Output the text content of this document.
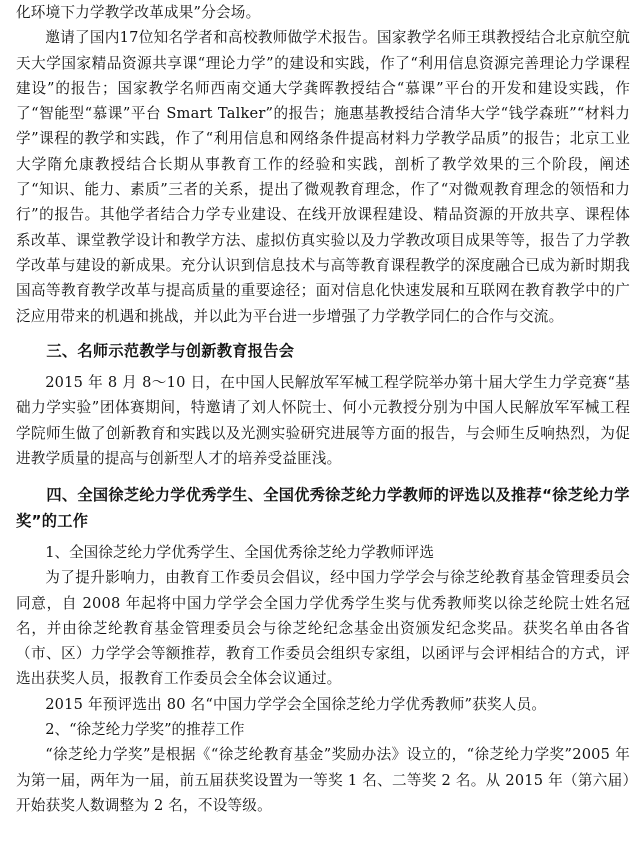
化环境下力学教学改革成果”分会场。

邀请了国内17位知名学者和高校教师做学术报告。国家教学名师王琪教授结合北京航空航天大学国家精品资源共享课“理论力学”的建设和实践，作了“利用信息资源完善理论力学课程建设”的报告；国家教学名师西南交通大学龚晖教授结合“慕课”平台的开发和建设实践，作了“智能型“慕课”平台 Smart Talker”的报告；施惠基教授结合清华大学“钱学森班”“材料力学”课程的教学和实践，作了“利用信息和网络条件提高材料力学教学品质”的报告；北京工业大学隋允康教授结合长期从事教育工作的经验和实践，剖析了教学效果的三个阶段，阐述了“知识、能力、素质”三者的关系，提出了微观教育理念，作了“对微观教育理念的领悟和力行”的报告。其他学者结合力学专业建设、在线开放课程建设、精品资源的开放共享、课程体系改革、课堂教学设计和教学方法、虚拟仿真实验以及力学教改项目成果等等，报告了力学教学改革与建设的新成果。充分认识到信息技术与高等教育课程教学的深度融合已成为新时期我国高等教育教学改革与提高质量的重要途径；面对信息化快速发展和互联网在教育教学中的广泛应用带来的机遇和挑战，并以此为平台进一步增强了力学教学同仁的合作与交流。

三、名师示范教学与创新教育报告会

2015 年 8 月 8～10 日，在中国人民解放军军械工程学院举办第十届大学生力学竞赛“基础力学实验”团体赛期间，特邀请了刘人怀院士、何小元教授分别为中国人民解放军军械工程学院师生做了创新教育和实践以及光测实验研究进展等方面的报告，与会师生反响热烈，为促进教学质量的提高与创新型人才的培养受益匪浅。

四、全国徐芝纶力学优秀学生、全国优秀徐芝纶力学教师的评选以及推荐“徐芝纶力学奖”的工作

1、全国徐芝纶力学优秀学生、全国优秀徐芝纶力学教师评选

为了提升影响力，由教育工作委员会倡议，经中国力学学会与徐芝纶教育基金管理委员会同意，自 2008 年起将中国力学学会全国力学优秀学生奖与优秀教师奖以徐芝纶院士姓名冠名，并由徐芝纶教育基金管理委员会与徐芝纶纪念基金出资颁发纪念奖品。获奖名单由各省（市、区）力学学会等额推荐，教育工作委员会组织专家组，以函评与会评相结合的方式，评选出获奖人员，报教育工作委员会全体会议通过。

2015 年预评选出 80 名“中国力学学会全国徐芝纶力学优秀教师”获奖人员。

2、“徐芝纶力学奖”的推荐工作

“徐芝纶力学奖”是根据《“徐芝纶教育基金”奖励办法》设立的，“徐芝纶力学奖”2005 年为第一届，两年为一届，前五届获奖设置为一等奖 1 名、二等奖 2 名。从 2015 年（第六届）开始获奖人数调整为 2 名，不设等级。
